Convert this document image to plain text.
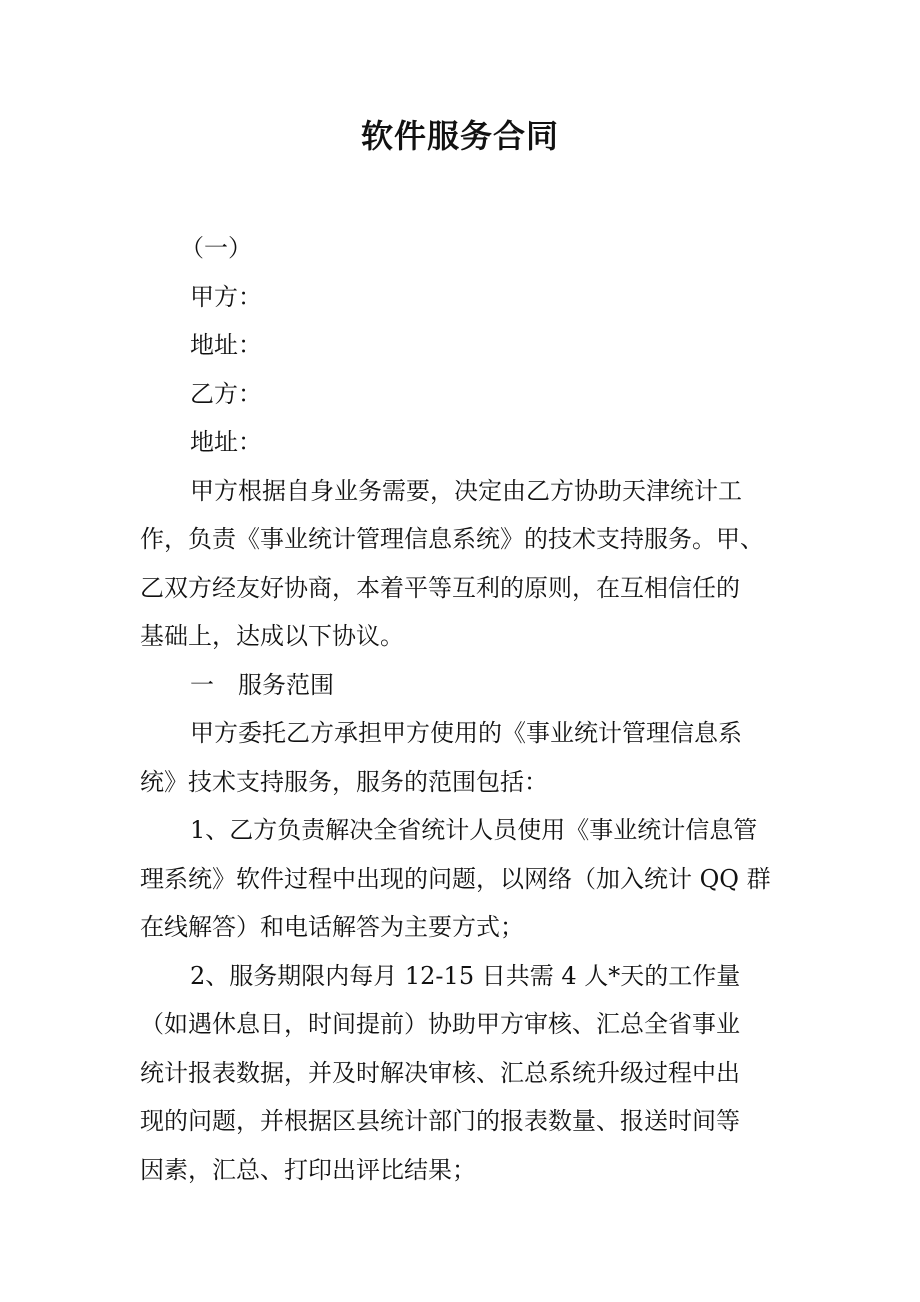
软件服务合同

（一）

甲方：

地址：

乙方：

地址：

甲方根据自身业务需要，决定由乙方协助天津统计工

作，负责《事业统计管理信息系统》的技术支持服务。甲、

乙双方经友好协商，本着平等互利的原则，在互相信任的

基础上，达成以下协议。

一　服务范围

甲方委托乙方承担甲方使用的《事业统计管理信息系

统》技术支持服务，服务的范围包括：

1、乙方负责解决全省统计人员使用《事业统计信息管

理系统》软件过程中出现的问题，以网络（加入统计 QQ 群

在线解答）和电话解答为主要方式；

2、服务期限内每月 12-15 日共需 4 人*天的工作量

（如遇休息日，时间提前）协助甲方审核、汇总全省事业

统计报表数据，并及时解决审核、汇总系统升级过程中出

现的问题，并根据区县统计部门的报表数量、报送时间等

因素，汇总、打印出评比结果；
